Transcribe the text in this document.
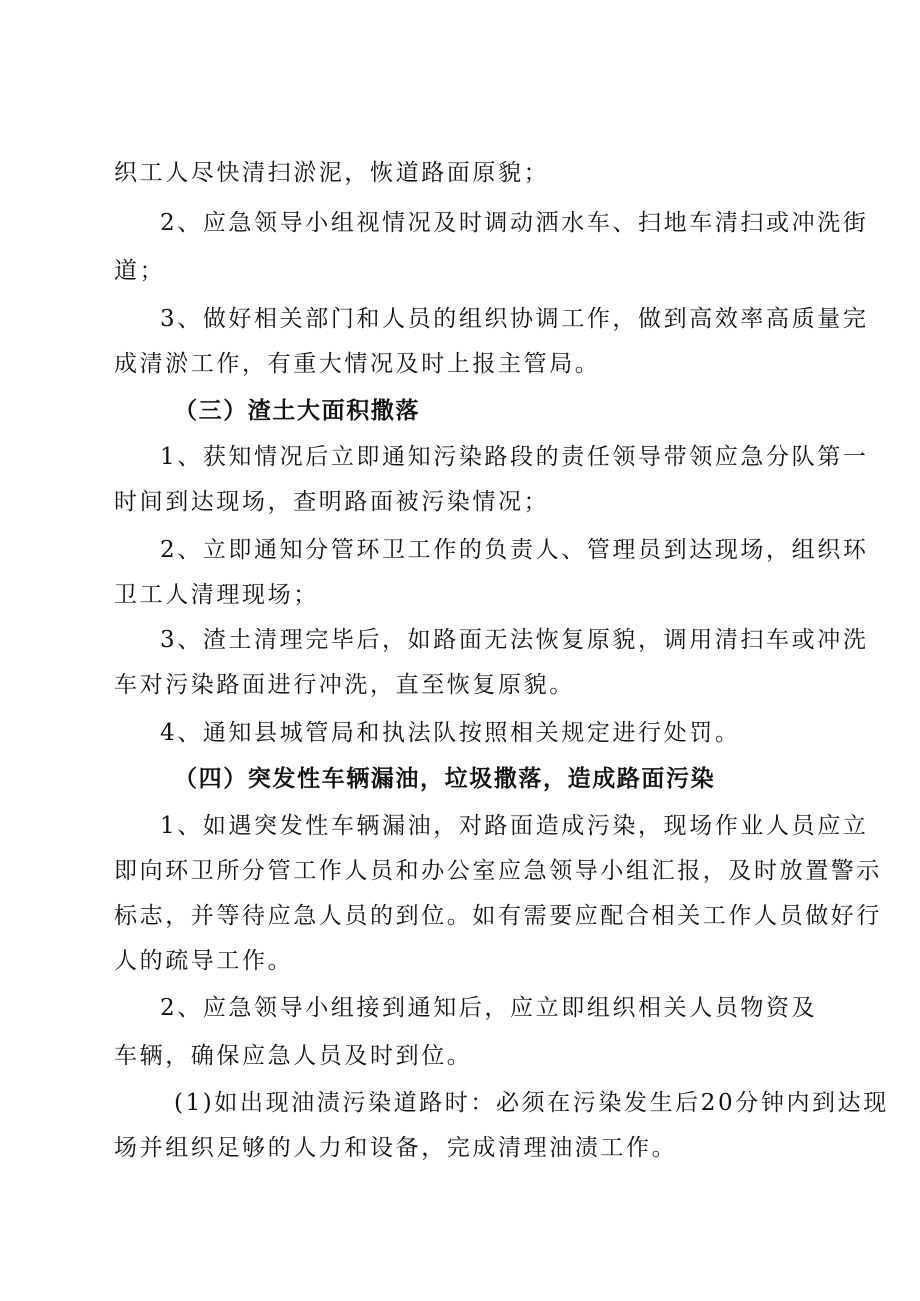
织工人尽快清扫淤泥，恢道路面原貌；
2、应急领导小组视情况及时调动洒水车、扫地车清扫或冲洗街
道；
3、做好相关部门和人员的组织协调工作，做到高效率高质量完
成清淤工作，有重大情况及时上报主管局。
（三）渣土大面积撒落
1、获知情况后立即通知污染路段的责任领导带领应急分队第一
时间到达现场，查明路面被污染情况；
2、立即通知分管环卫工作的负责人、管理员到达现场，组织环
卫工人清理现场；
3、渣土清理完毕后，如路面无法恢复原貌，调用清扫车或冲洗
车对污染路面进行冲洗，直至恢复原貌。
4、通知县城管局和执法队按照相关规定进行处罚。
（四）突发性车辆漏油，垃圾撒落，造成路面污染
1、如遇突发性车辆漏油，对路面造成污染，现场作业人员应立
即向环卫所分管工作人员和办公室应急领导小组汇报，及时放置警示
标志，并等待应急人员的到位。如有需要应配合相关工作人员做好行
人的疏导工作。
2、应急领导小组接到通知后，应立即组织相关人员物资及
车辆，确保应急人员及时到位。
(1)如出现油渍污染道路时：必须在污染发生后20分钟内到达现
场并组织足够的人力和设备，完成清理油渍工作。
